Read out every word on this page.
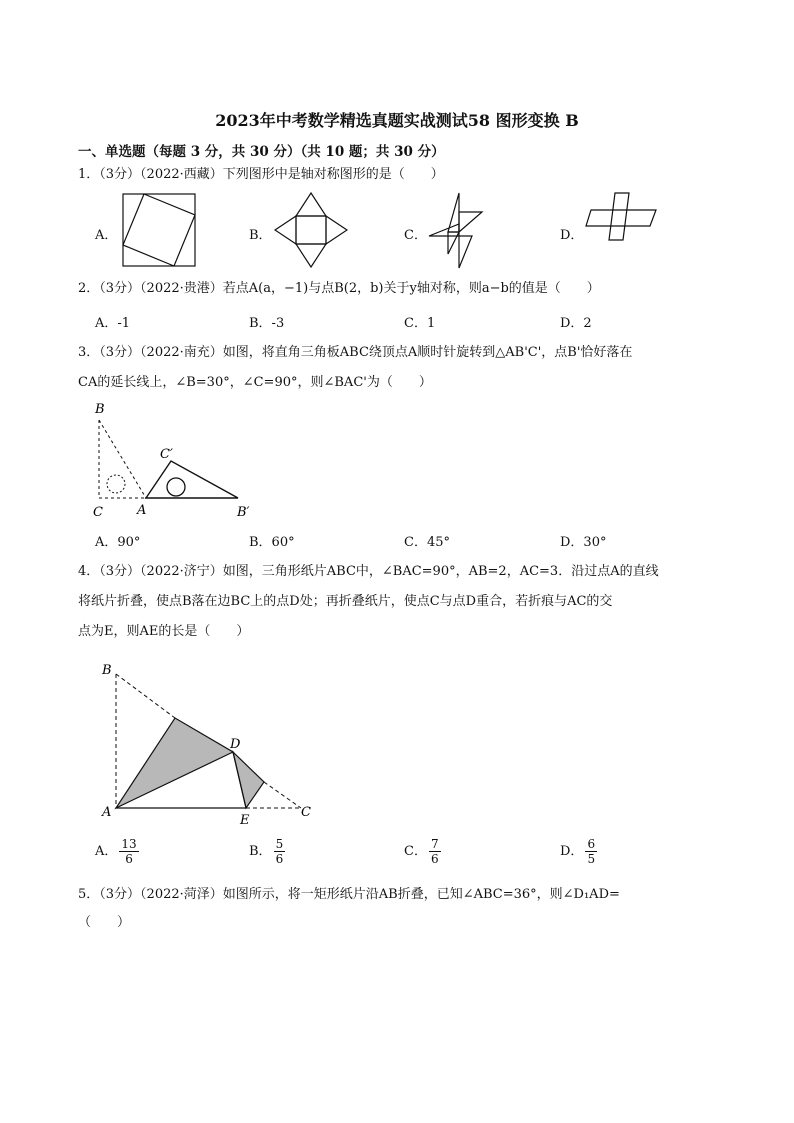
2023年中考数学精选真题实战测试58 图形变换 B
一、单选题（每题 3 分，共 30 分）（共 10 题；共 30 分）
1．（3分）（2022·西藏）下列图形中是轴对称图形的是（　　）
A．	B．	C．	D．
2．（3分）（2022·贵港）若点A(a，−1)与点B(2，b)关于y轴对称，则a−b的值是（　　）
A．-1	B．-3	C．1	D．2
3．（3分）（2022·南充）如图，将直角三角板ABC绕顶点A顺时针旋转到△AB'C'，点B'恰好落在
CA的延长线上，∠B=30°，∠C=90°，则∠BAC'为（　　）
B
C	A
C′
B′
A．90°	B．60°	C．45°	D．30°
4．（3分）（2022·济宁）如图，三角形纸片ABC中，∠BAC=90°，AB=2，AC=3．沿过点A的直线
将纸片折叠，使点B落在边BC上的点D处；再折叠纸片，使点C与点D重合，若折痕与AC的交
点为E，则AE的长是（　　）
B
D
A
E
C
A． $\frac{13}{6}$	B． $\frac{5}{6}$	C． $\frac{7}{6}$	D． $\frac{6}{5}$
5．（3分）（2022·菏泽）如图所示，将一矩形纸片沿AB折叠，已知∠ABC=36°，则∠D₁AD=
（　　）
